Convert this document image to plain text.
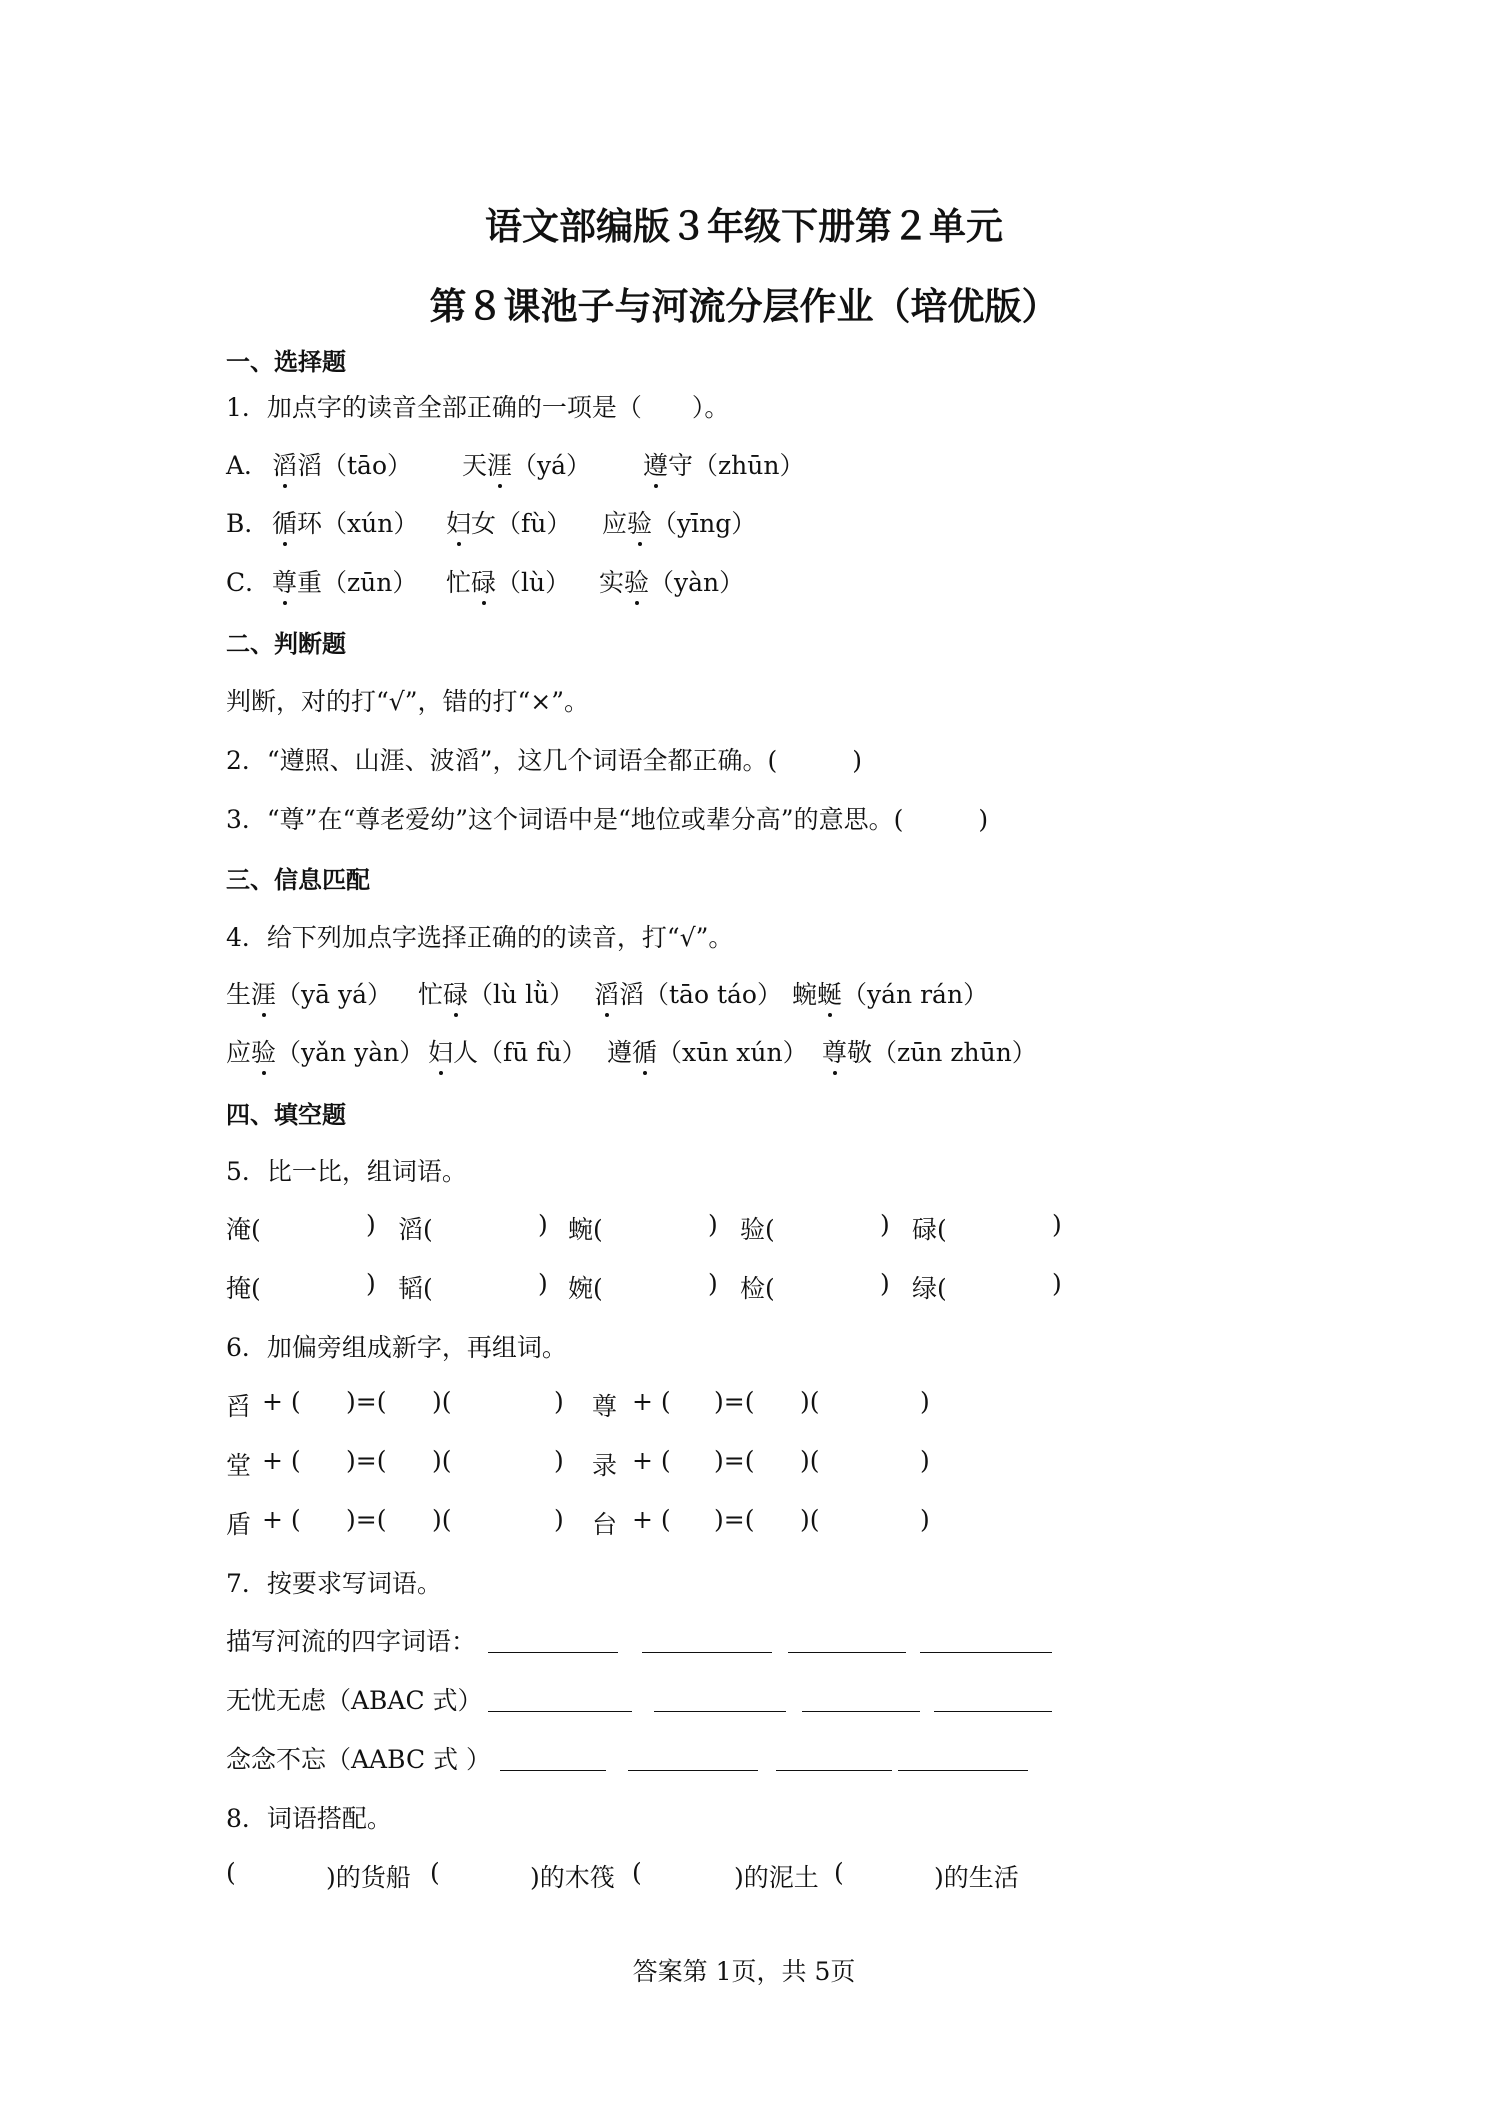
语文部编版３年级下册第２单元
第８课池子与河流分层作业（培优版）
一、选择题
1．加点字的读音全部正确的一项是（　　）。
A． 滔滔（tāo） 天涯（yá） 遵守（zhūn）
B． 循环（xún） 妇女（fù） 应验（yīng）
C． 尊重（zūn） 忙碌（lù） 实验（yàn）
二、判断题
判断，对的打“√”，错的打“×”。
2．“遵照、山涯、波滔”，这几个词语全都正确。(　　　)
3．“尊”在“尊老爱幼”这个词语中是“地位或辈分高”的意思。(　　　)
三、信息匹配
4．给下列加点字选择正确的的读音，打“√”。
生涯（yā yá） 忙碌（lù lǜ） 滔滔（tāo táo） 蜿蜒（yán rán）
应验（yǎn yàn） 妇人（fū fù） 遵循（xūn xún） 尊敬（zūn zhūn）
四、填空题
5．比一比，组词语。
淹(	) 滔(	) 蜿(	) 验(	) 碌(	)
掩(	) 韬(	) 婉(	) 检(	) 绿(	)
6．加偏旁组成新字，再组词。
舀 + ( )=( )(	) 尊 + ( )=( )(	)
堂 + ( )=( )(	) 录 + ( )=( )(	)
盾 + ( )=( )(	) 台 + ( )=( )(	)
7．按要求写词语。
描写河流的四字词语：
无忧无虑（ABAC 式）
念念不忘（AABC 式 ）
8．词语搭配。
(	)的货船 (	)的木筏 (	)的泥土 (	)的生活
答案第 1页，共 5页
